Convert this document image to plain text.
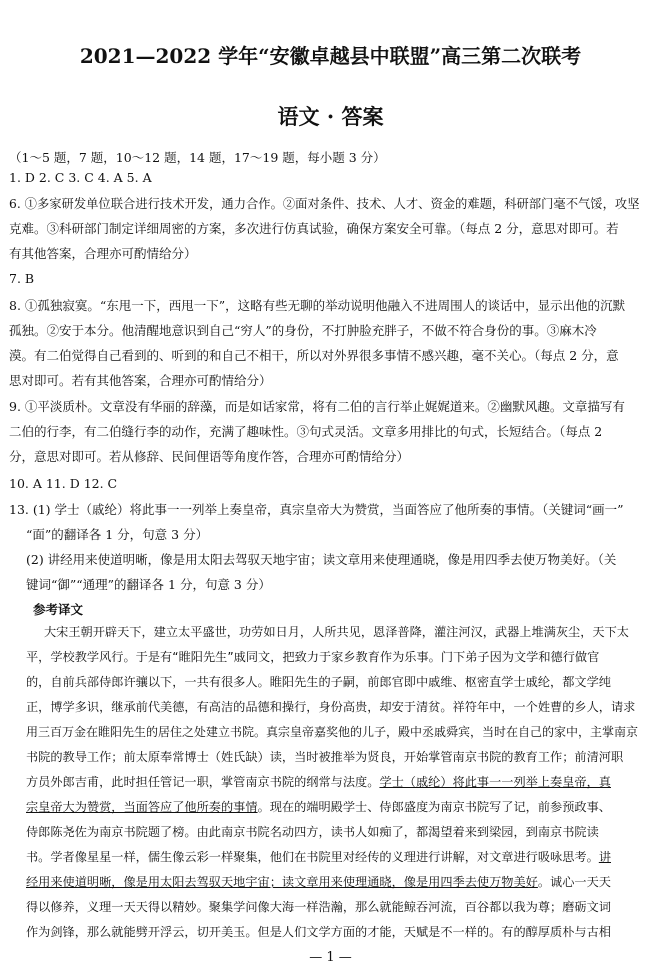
2021—2022 学年“安徽卓越县中联盟”高三第二次联考
语文 · 答案
（1～5 题，7 题，10～12 题，14 题，17～19 题，每小题 3 分）
1. D 2. C 3. C 4. A 5. A
6. ①多家研发单位联合进行技术开发，通力合作。②面对条件、技术、人才、资金的难题，科研部门毫不气馁，攻坚
克难。③科研部门制定详细周密的方案，多次进行仿真试验，确保方案安全可靠。（每点 2 分，意思对即可。若
有其他答案，合理亦可酌情给分）
7. B
8. ①孤独寂寞。“东甩一下，西甩一下”，这略有些无聊的举动说明他融入不进周围人的谈话中，显示出他的沉默
孤独。②安于本分。他清醒地意识到自己“穷人”的身份，不打肿脸充胖子，不做不符合身份的事。③麻木冷
漠。有二伯觉得自己看到的、听到的和自己不相干，所以对外界很多事情不感兴趣，毫不关心。（每点 2 分，意
思对即可。若有其他答案，合理亦可酌情给分）
9. ①平淡质朴。文章没有华丽的辞藻，而是如话家常，将有二伯的言行举止娓娓道来。②幽默风趣。文章描写有
二伯的行李，有二伯缝行李的动作，充满了趣味性。③句式灵活。文章多用排比的句式，长短结合。（每点 2
分，意思对即可。若从修辞、民间俚语等角度作答，合理亦可酌情给分）
10. A 11. D 12. C
13. (1) 学士（戚纶）将此事一一列举上奏皇帝，真宗皇帝大为赞赏，当面答应了他所奏的事情。（关键词“画一”
“面”的翻译各 1 分，句意 3 分）
(2) 讲经用来使道明晰，像是用太阳去驾驭天地宇宙；读文章用来使理通晓，像是用四季去使万物美好。（关
键词“御”“通理”的翻译各 1 分，句意 3 分）
参考译文
大宋王朝开辟天下，建立太平盛世，功劳如日月，人所共见，恩泽普降，灌注河汉，武器上堆满灰尘，天下太
平，学校教学风行。于是有“睢阳先生”戚同文，把致力于家乡教育作为乐事。门下弟子因为文学和德行做官
的，自前兵部侍郎许骧以下，一共有很多人。睢阳先生的子嗣，前郎官即中戚维、枢密直学士戚纶，都文学纯
正，博学多识，继承前代美德，有高洁的品德和操行，身份高贵，却安于清贫。祥符年中，一个姓曹的乡人，请求
用三百万金在睢阳先生的居住之处建立书院。真宗皇帝嘉奖他的儿子，殿中丞戚舜宾，当时在自己的家中，主掌南京
书院的教导工作；前太原奉常博士（姓氏缺）读，当时被推举为贤良，开始掌管南京书院的教育工作；前清河职
方员外郎吉甫，此时担任管记一职，掌管南京书院的纲常与法度。学士（戚纶）将此事一一列举上奏皇帝，真
宗皇帝大为赞赏，当面答应了他所奏的事情。现在的端明殿学士、侍郎盛度为南京书院写了记，前参预政事、
侍郎陈尧佐为南京书院题了榜。由此南京书院名动四方，读书人如痴了，都渴望着来到梁园，到南京书院读
书。学者像星星一样，儒生像云彩一样聚集，他们在书院里对经传的义理进行讲解，对文章进行吸咏思考。讲
经用来使道明晰，像是用太阳去驾驭天地宇宙；读文章用来使理通晓，像是用四季去使万物美好。诚心一天天
得以修养，义理一天天得以精妙。聚集学问像大海一样浩瀚，那么就能鲸吞河流，百谷都以我为尊；磨砺文词
作为剑锋，那么就能劈开浮云，切开美玉。但是人们文学方面的才能，天赋是不一样的。有的醇厚质朴与古相
— 1 —
